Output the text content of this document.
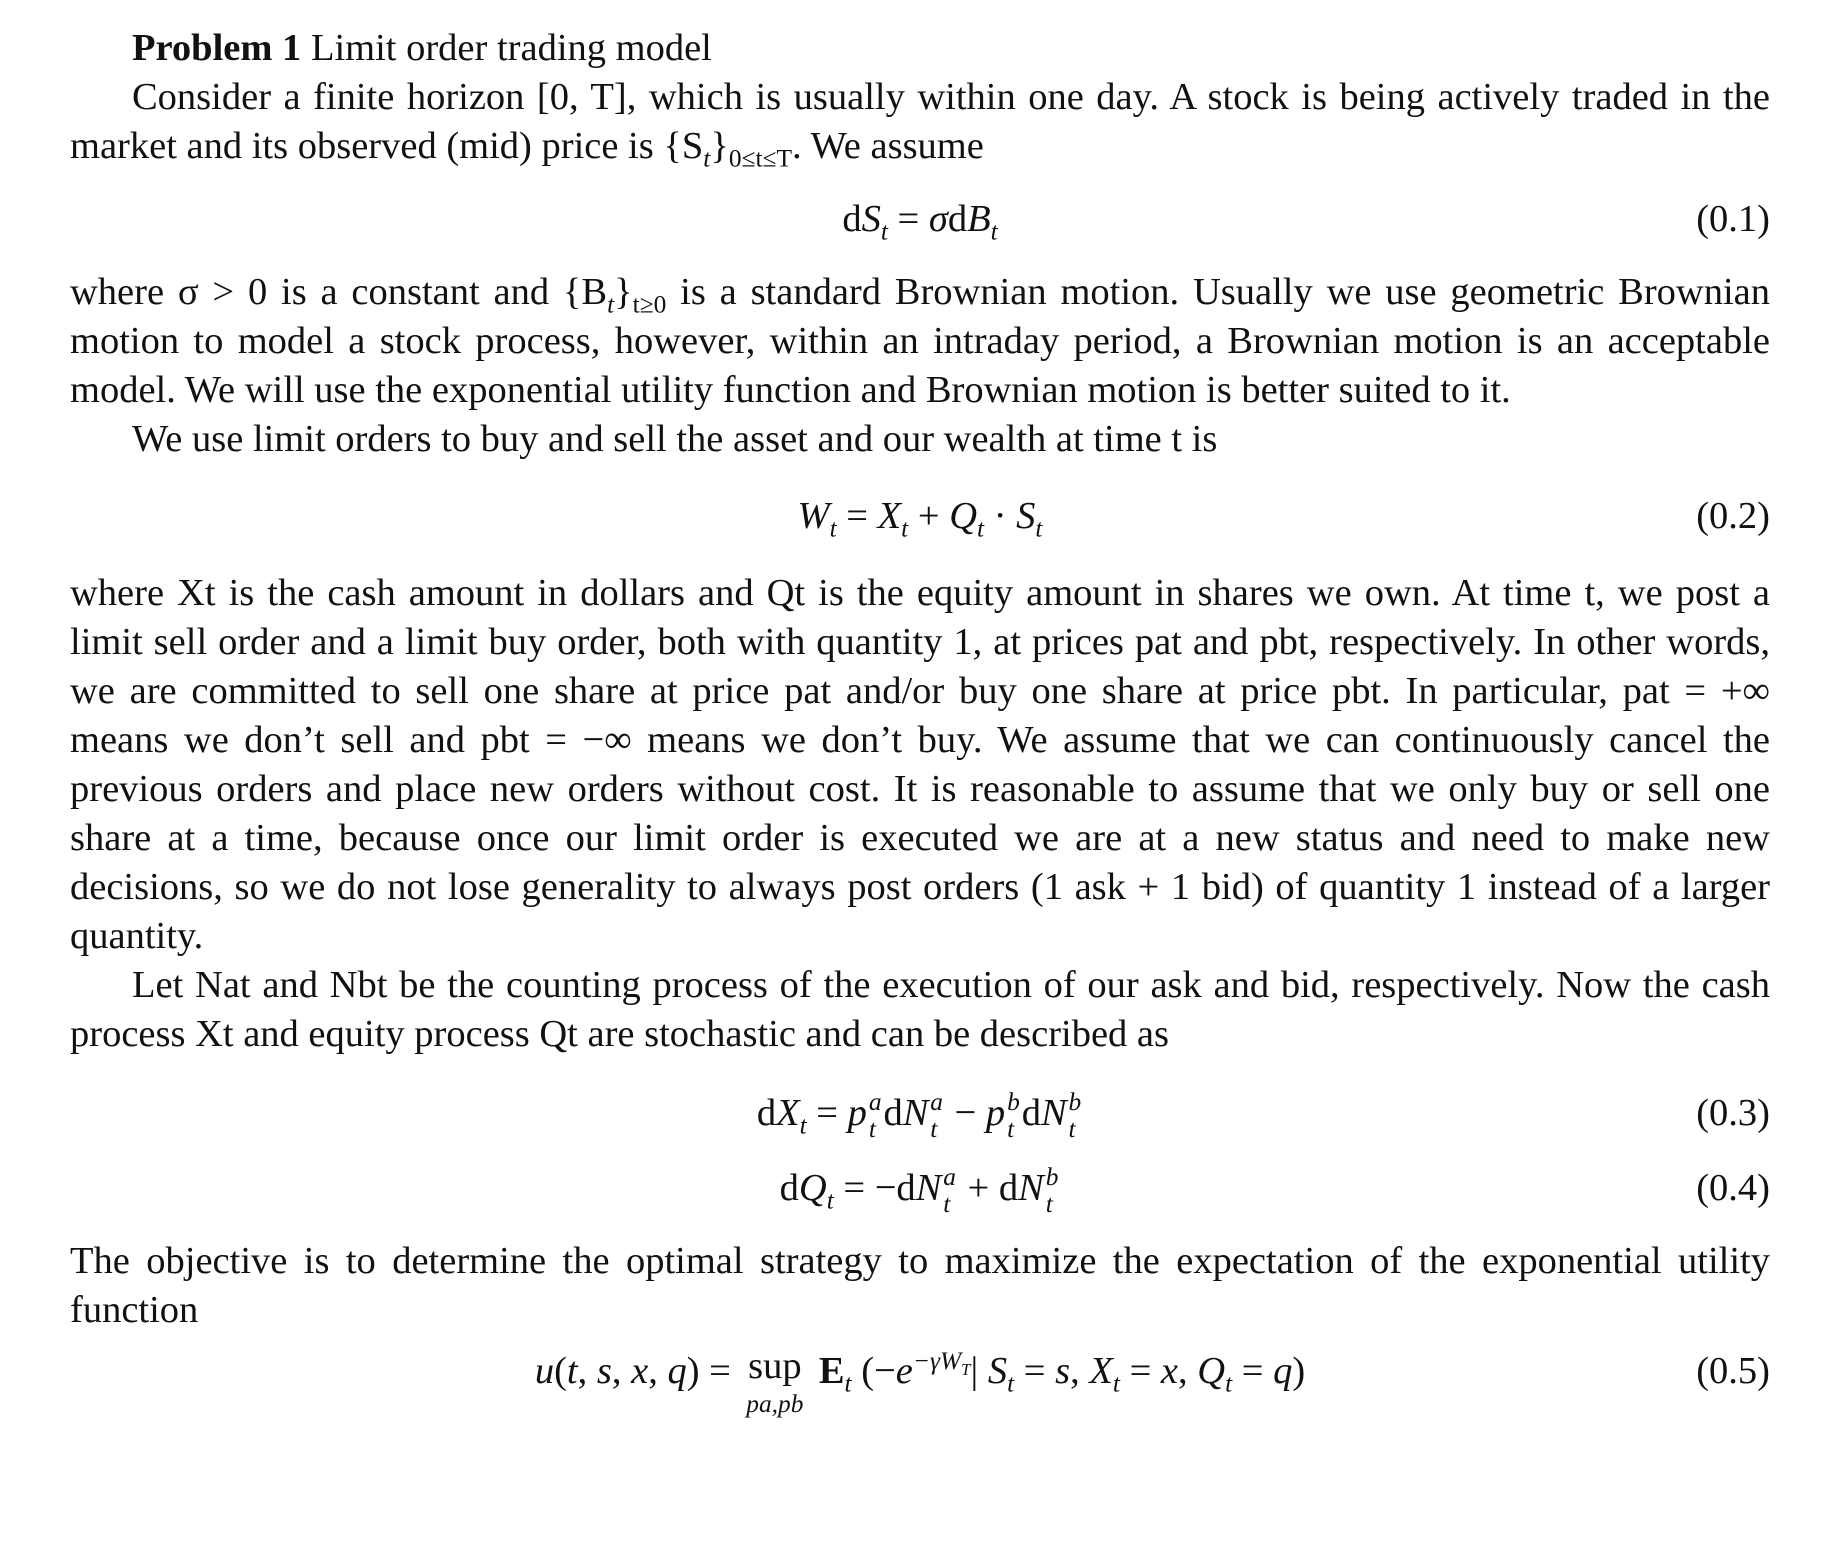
Problem 1 Limit order trading model

Consider a finite horizon [0, T], which is usually within one day. A stock is being actively traded in the market and its observed (mid) price is $\{S_t\}_{0\le t\le T}$. We assume

$dS_t = \sigma dB_t$	(0.1)

where σ > 0 is a constant and $\{B_t\}_{t\ge 0}$ is a standard Brownian motion. Usually we use geometric Brownian motion to model a stock process, however, within an intraday period, a Brownian motion is an acceptable model. We will use the exponential utility function and Brownian motion is better suited to it.

We use limit orders to buy and sell the asset and our wealth at time t is

$W_t = X_t + Q_t \cdot S_t$	(0.2)

where Xt is the cash amount in dollars and Qt is the equity amount in shares we own. At time t, we post a limit sell order and a limit buy order, both with quantity 1, at prices pat and pbt, respectively. In other words, we are committed to sell one share at price pat and/or buy one share at price pbt. In particular, pat = +∞ means we don’t sell and pbt = −∞ means we don’t buy. We assume that we can continuously cancel the previous orders and place new orders without cost. It is reasonable to assume that we only buy or sell one share at a time, because once our limit order is executed we are at a new status and need to make new decisions, so we do not lose generality to always post orders (1 ask + 1 bid) of quantity 1 instead of a larger quantity.

Let Nat and Nbt be the counting process of the execution of our ask and bid, respectively. Now the cash process Xt and equity process Qt are stochastic and can be described as

$dX_t = p$ a
t dN a
t − p b
t dN b
t	(0.3)
$dQ_t = -dN$ a
t + dN b
t	(0.4)

The objective is to determine the optimal strategy to maximize the expectation of the exponential utility function

u(t, s, x, q) = sup
pa,pb
$E_t$ ($-e^{-\gamma W_T}|$ $S_t = s$, $X_t = x$, $Q_t = q$)	(0.5)
